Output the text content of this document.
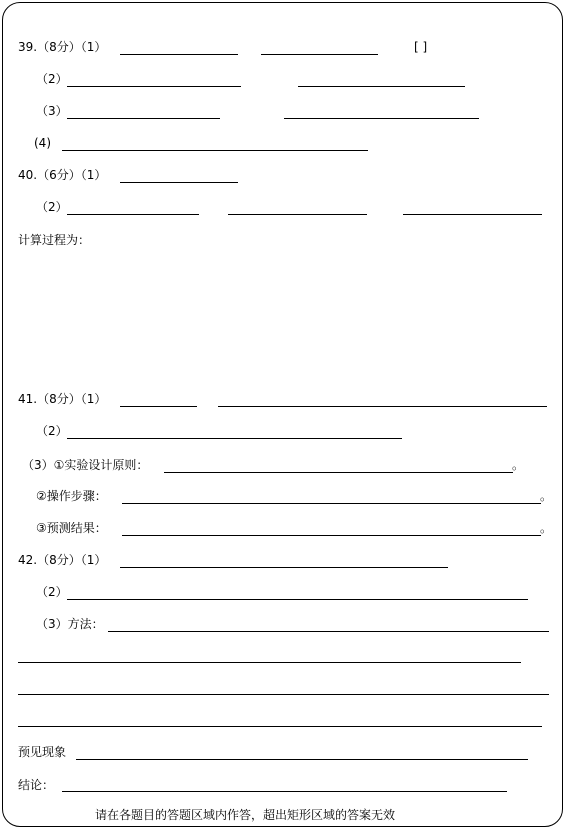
39.（8分）（1）	[ ]
（2）
（3）
(4)
40.（6分）（1）
（2）
计算过程为：
41.（8分）（1）
（2）
（3）①实验设计原则：	。
②操作步骤：	。
③预测结果：	。
42.（8分）（1）
（2）
（3）方法：
预见现象
结论：
请在各题目的答题区域内作答，超出矩形区域的答案无效
